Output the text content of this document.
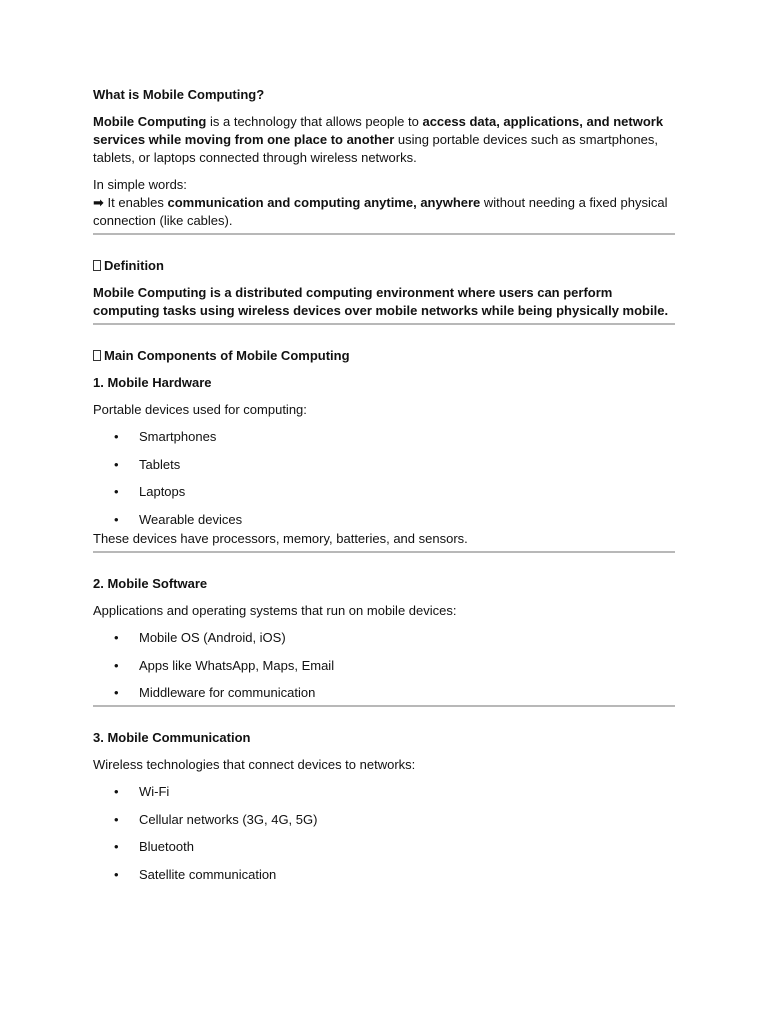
What is Mobile Computing?

Mobile Computing is a technology that allows people to access data, applications, and network services while moving from one place to another using portable devices such as smartphones, tablets, or laptops connected through wireless networks.

In simple words:
➡ It enables communication and computing anytime, anywhere without needing a fixed physical connection (like cables).

Definition

Mobile Computing is a distributed computing environment where users can perform computing tasks using wireless devices over mobile networks while being physically mobile.

Main Components of Mobile Computing

1. Mobile Hardware

Portable devices used for computing:

• Smartphones
• Tablets
• Laptops
• Wearable devices

These devices have processors, memory, batteries, and sensors.

2. Mobile Software

Applications and operating systems that run on mobile devices:

• Mobile OS (Android, iOS)
• Apps like WhatsApp, Maps, Email
• Middleware for communication

3. Mobile Communication

Wireless technologies that connect devices to networks:

• Wi-Fi
• Cellular networks (3G, 4G, 5G)
• Bluetooth
• Satellite communication
